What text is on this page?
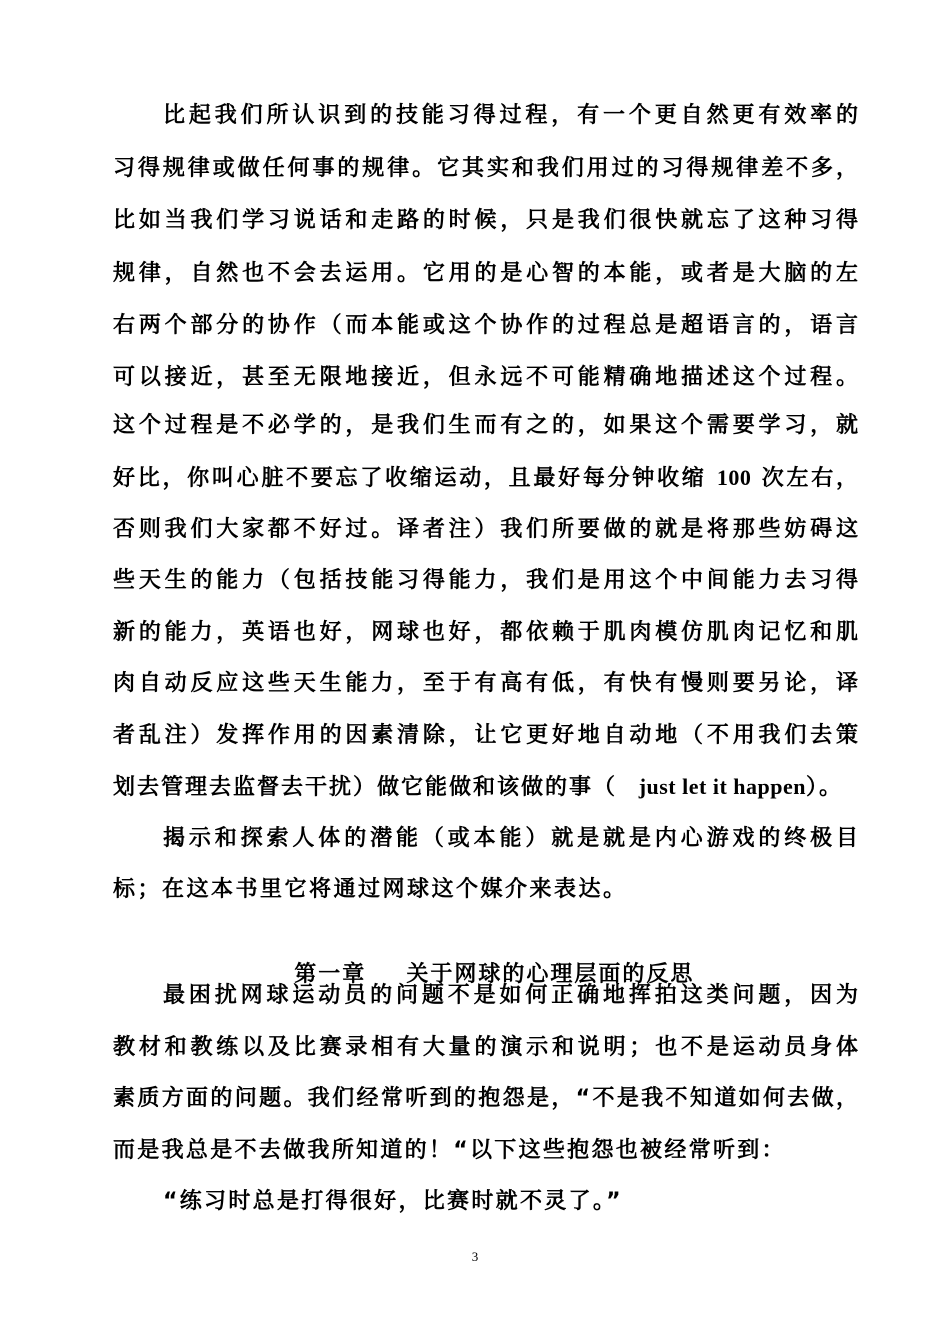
比起我们所认识到的技能习得过程，有一个更自然更有效率的
习得规律或做任何事的规律。它其实和我们用过的习得规律差不多，
比如当我们学习说话和走路的时候，只是我们很快就忘了这种习得
规律，自然也不会去运用。它用的是心智的本能，或者是大脑的左
右两个部分的协作（而本能或这个协作的过程总是超语言的，语言
可以接近，甚至无限地接近，但永远不可能精确地描述这个过程。
这个过程是不必学的，是我们生而有之的，如果这个需要学习，就
好比，你叫心脏不要忘了收缩运动，且最好每分钟收缩 100 次左右，
否则我们大家都不好过。译者注）我们所要做的就是将那些妨碍这
些天生的能力（包括技能习得能力，我们是用这个中间能力去习得
新的能力，英语也好，网球也好，都依赖于肌肉模仿肌肉记忆和肌
肉自动反应这些天生能力，至于有高有低，有快有慢则要另论，译
者乱注）发挥作用的因素清除，让它更好地自动地（不用我们去策
划去管理去监督去干扰）做它能做和该做的事（ just let it happen）。
揭示和探索人体的潜能（或本能）就是就是内心游戏的终极目
标；在这本书里它将通过网球这个媒介来表达。

第一章 关于网球的心理层面的反思

最困扰网球运动员的问题不是如何正确地挥拍这类问题，因为
教材和教练以及比赛录相有大量的演示和说明；也不是运动员身体
素质方面的问题。我们经常听到的抱怨是，“不是我不知道如何去做，
而是我总是不去做我所知道的！“以下这些抱怨也被经常听到：
“练习时总是打得很好，比赛时就不灵了。”
3
